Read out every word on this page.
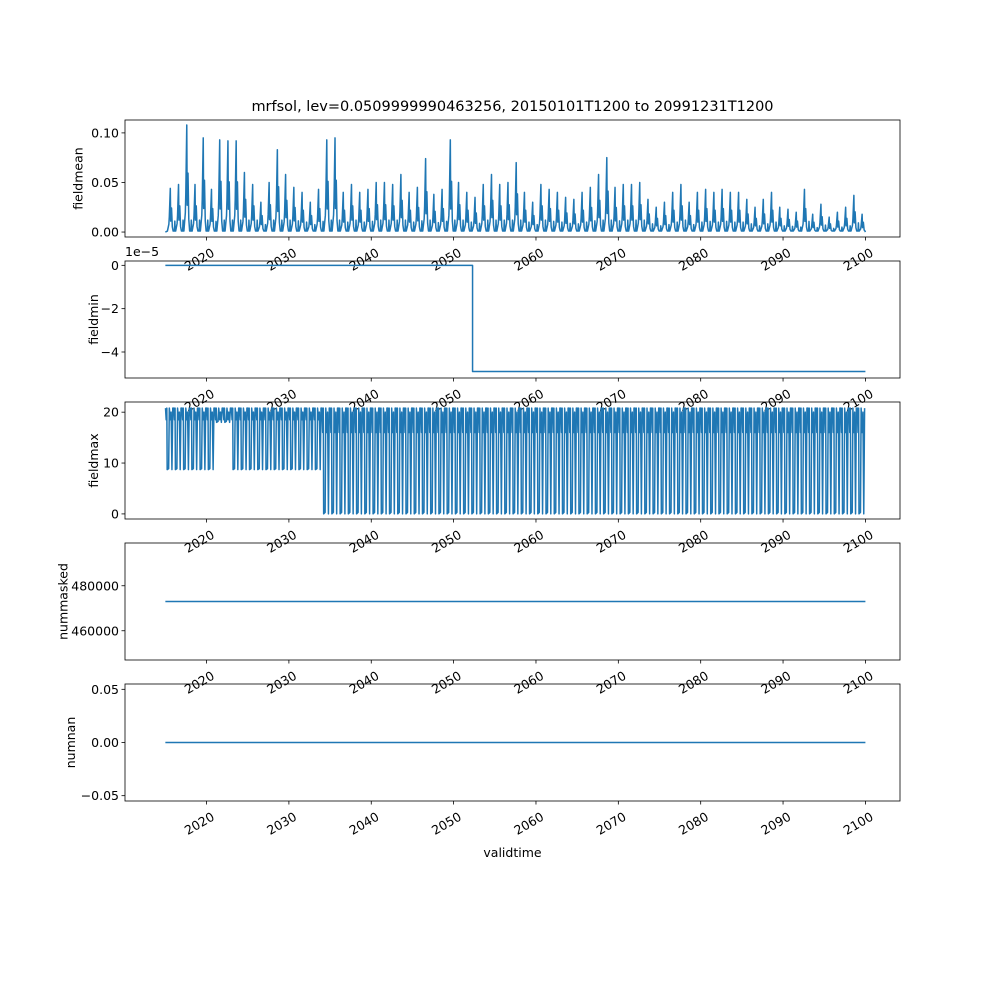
mrfsol, lev=0.0509999990463256, 20150101T1200 to 20991231T1200
0.00
0.05
0.10
fieldmean
2020	2030	2040	2050	2060	2070	2080	2090	2100
0
−2
−4
1e−5
fieldmin
2020	2030	2040	2050	2060	2070	2080	2090	2100
0
10
20
fieldmax
2020	2030	2040	2050	2060	2070	2080	2090	2100
460000
480000
nummasked
2020	2030	2040	2050	2060	2070	2080	2090	2100
−0.05
0.00
0.05
numnan
2020	2030	2040	2050	2060	2070	2080	2090	2100
validtime
